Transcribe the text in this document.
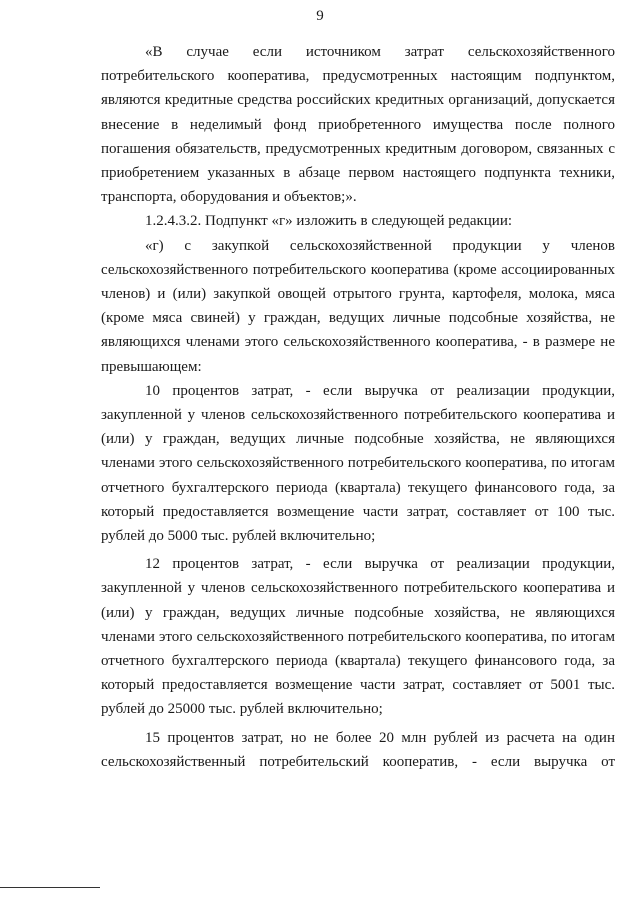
9

«В случае если источником затрат сельскохозяйственного потребительского кооператива, предусмотренных настоящим подпунктом, являются кредитные средства российских кредитных организаций, допускается внесение в неделимый фонд приобретенного имущества после полного погашения обязательств, предусмотренных кредитным договором, связанных с приобретением указанных в абзаце первом настоящего подпункта техники, транспорта, оборудования и объектов;».

1.2.4.3.2. Подпункт «г» изложить в следующей редакции:

«г) с закупкой сельскохозяйственной продукции у членов сельскохозяйственного потребительского кооператива (кроме ассоциированных членов) и (или) закупкой овощей отрытого грунта, картофеля, молока, мяса (кроме мяса свиней) у граждан, ведущих личные подсобные хозяйства, не являющихся членами этого сельскохозяйственного кооператива, - в размере не превышающем:

10 процентов затрат, - если выручка от реализации продукции, закупленной у членов сельскохозяйственного потребительского кооператива и (или) у граждан, ведущих личные подсобные хозяйства, не являющихся членами этого сельскохозяйственного потребительского кооператива, по итогам отчетного бухгалтерского периода (квартала) текущего финансового года, за который предоставляется возмещение части затрат, составляет от 100 тыс. рублей до 5000 тыс. рублей включительно;

12 процентов затрат, - если выручка от реализации продукции, закупленной у членов сельскохозяйственного потребительского кооператива и (или) у граждан, ведущих личные подсобные хозяйства, не являющихся членами этого сельскохозяйственного потребительского кооператива, по итогам отчетного бухгалтерского периода (квартала) текущего финансового года, за который предоставляется возмещение части затрат, составляет от 5001 тыс. рублей до 25000 тыс. рублей включительно;

15 процентов затрат, но не более 20 млн рублей из расчета на один сельскохозяйственный потребительский кооператив, - если выручка от
